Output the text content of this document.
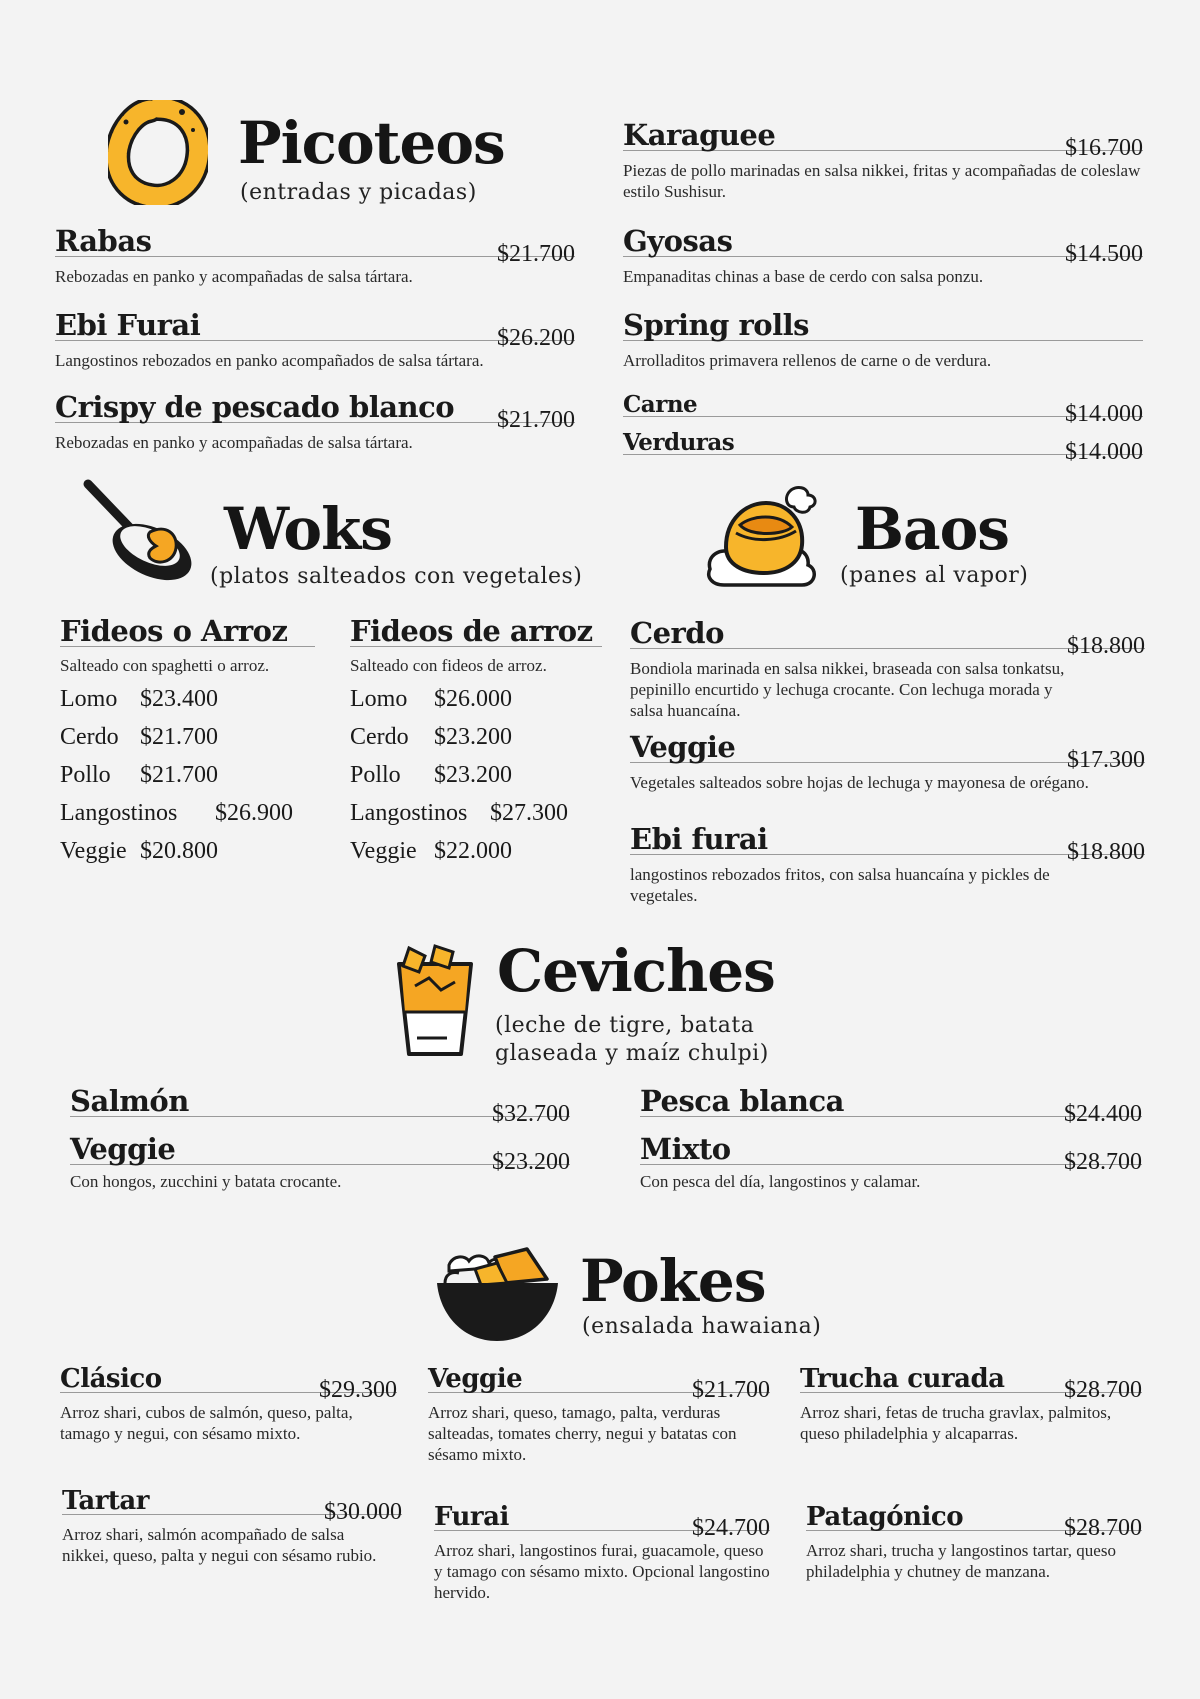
Picoteos
(entradas y picadas)
Rabas	$21.700
Rebozadas en panko y acompañadas de salsa tártara.
Ebi Furai	$26.200
Langostinos rebozados en panko acompañados de salsa tártara.
Crispy de pescado blanco $21.700
Rebozadas en panko y acompañadas de salsa tártara.
Karaguee	$16.700
Piezas de pollo marinadas en salsa nikkei, fritas y acompañadas de coleslaw estilo Sushisur.
Gyosas	$14.500
Empanaditas chinas a base de cerdo con salsa ponzu.
Spring rolls
Arrolladitos primavera rellenos de carne o de verdura.
Carne	$14.000
Verduras	$14.000
Woks
(platos salteados con vegetales)
Fideos o Arroz
Salteado con spaghetti o arroz.
Lomo $23.400
Cerdo $21.700
Pollo $21.700
Langostinos $26.900
Veggie $20.800
Fideos de arroz
Salteado con fideos de arroz.
Lomo $26.000
Cerdo $23.200
Pollo $23.200
Langostinos $27.300
Veggie $22.000
Baos
(panes al vapor)
Cerdo	$18.800
Bondiola marinada en salsa nikkei, braseada con salsa tonkatsu, pepinillo encurtido y lechuga crocante. Con lechuga morada y salsa huancaína.
Veggie	$17.300
Vegetales salteados sobre hojas de lechuga y mayonesa de orégano.
Ebi furai	$18.800
langostinos rebozados fritos, con salsa huancaína y pickles de vegetales.
Ceviches
(leche de tigre, batata
glaseada y maíz chulpi)
Salmón	$32.700
Veggie	$23.200
Con hongos, zucchini y batata crocante.
Pesca blanca	$24.400
Mixto	$28.700
Con pesca del día, langostinos y calamar.
Pokes
(ensalada hawaiana)
Clásico	$29.300
Arroz shari, cubos de salmón, queso, palta, tamago y negui, con sésamo mixto.
Veggie	$21.700
Arroz shari, queso, tamago, palta, verduras salteadas, tomates cherry, negui y batatas con sésamo mixto.
Trucha curada $28.700
Arroz shari, fetas de trucha gravlax, palmitos, queso philadelphia y alcaparras.
Tartar	$30.000
Arroz shari, salmón acompañado de salsa nikkei, queso, palta y negui con sésamo rubio.
Furai	$24.700
Arroz shari, langostinos furai, guacamole, queso y tamago con sésamo mixto. Opcional langostino hervido.
Patagónico	$28.700
Arroz shari, trucha y langostinos tartar, queso philadelphia y chutney de manzana.
